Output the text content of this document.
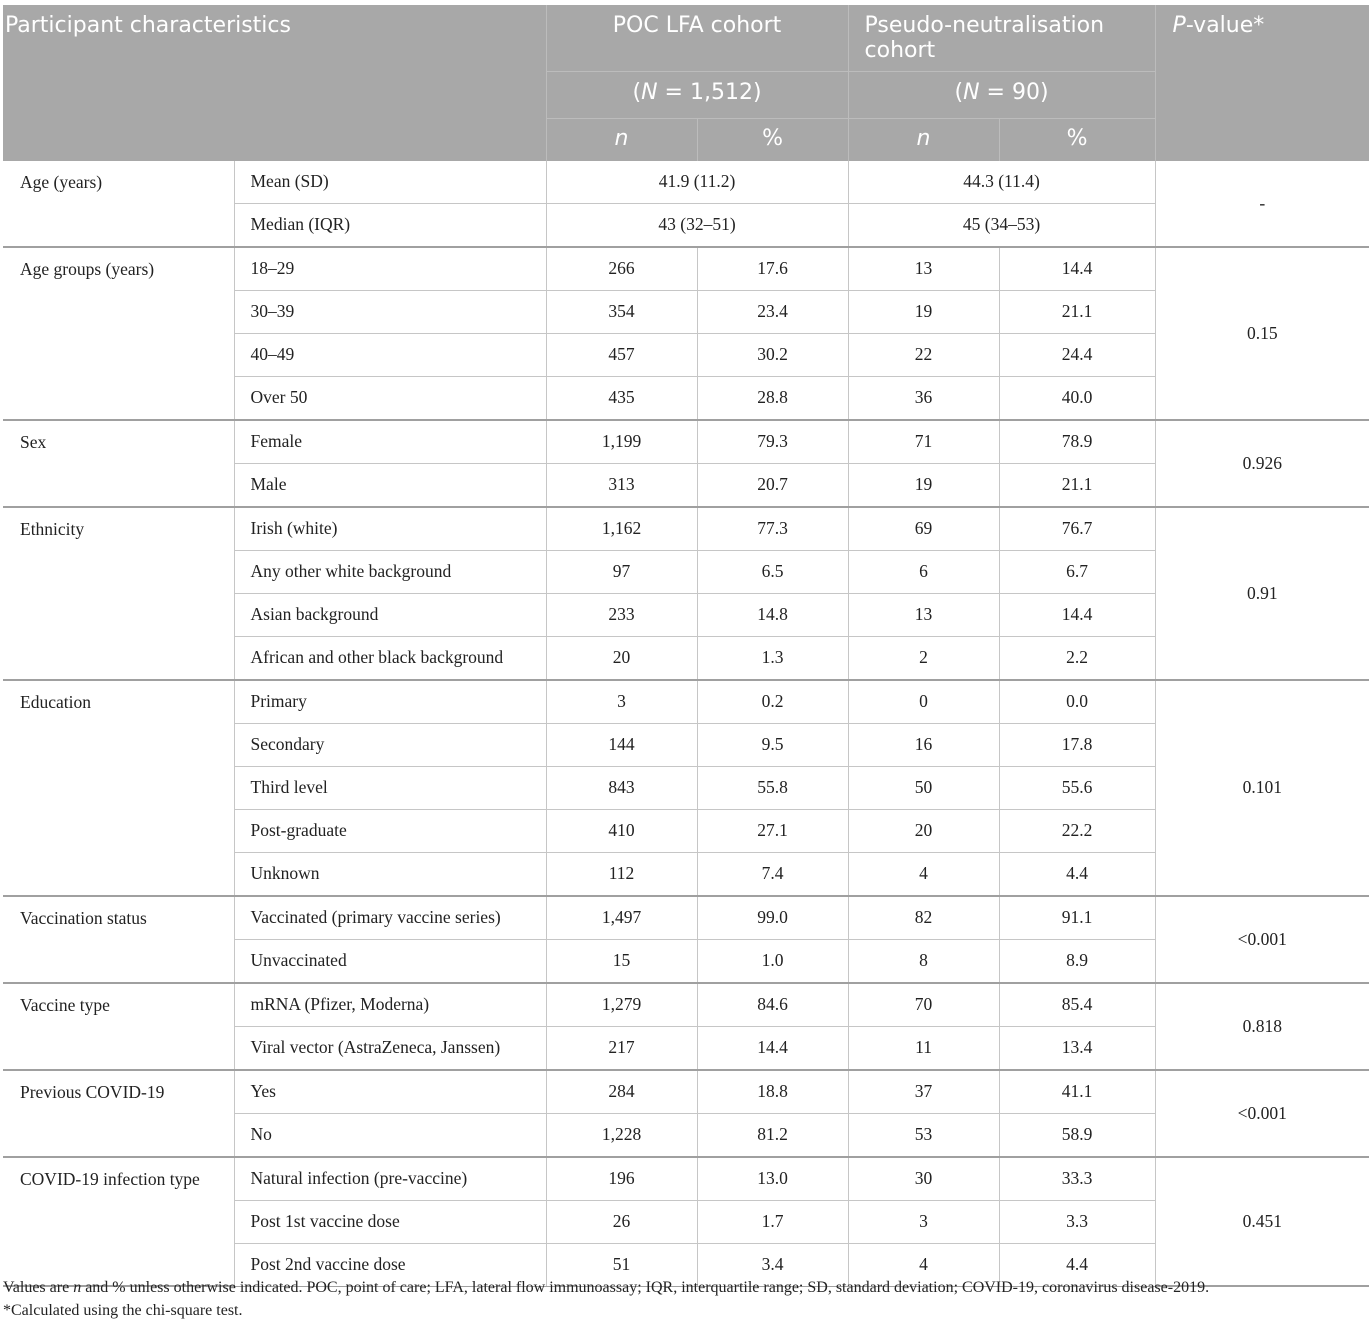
Participant characteristics		POC LFA cohort		Pseudo-neutralisation cohort		P-value*
		(N = 1,512)		(N = 90)		
		n	%	n	%	
Age (years)	Mean (SD)	41.9 (11.2)		44.3 (11.4)		-
	Median (IQR)	43 (32–51)		45 (34–53)		
Age groups (years)	18–29	266	17.6	13	14.4	0.15
	30–39	354	23.4	19	21.1	
	40–49	457	30.2	22	24.4	
	Over 50	435	28.8	36	40.0	
Sex	Female	1,199	79.3	71	78.9	0.926
	Male	313	20.7	19	21.1	
Ethnicity	Irish (white)	1,162	77.3	69	76.7	0.91
	Any other white background	97	6.5	6	6.7	
	Asian background	233	14.8	13	14.4	
	African and other black background	20	1.3	2	2.2	
Education	Primary	3	0.2	0	0.0	0.101
	Secondary	144	9.5	16	17.8	
	Third level	843	55.8	50	55.6	
	Post-graduate	410	27.1	20	22.2	
	Unknown	112	7.4	4	4.4	
Vaccination status	Vaccinated (primary vaccine series)	1,497	99.0	82	91.1	<0.001
	Unvaccinated	15	1.0	8	8.9	
Vaccine type	mRNA (Pfizer, Moderna)	1,279	84.6	70	85.4	0.818
	Viral vector (AstraZeneca, Janssen)	217	14.4	11	13.4	
Previous COVID-19	Yes	284	18.8	37	41.1	<0.001
	No	1,228	81.2	53	58.9	
COVID-19 infection type	Natural infection (pre-vaccine)	196	13.0	30	33.3	0.451
	Post 1st vaccine dose	26	1.7	3	3.3	
	Post 2nd vaccine dose	51	3.4	4	4.4	

Values are n and % unless otherwise indicated. POC, point of care; LFA, lateral flow immunoassay; IQR, interquartile range; SD, standard deviation; COVID-19, coronavirus disease-2019.

*Calculated using the chi-square test.
